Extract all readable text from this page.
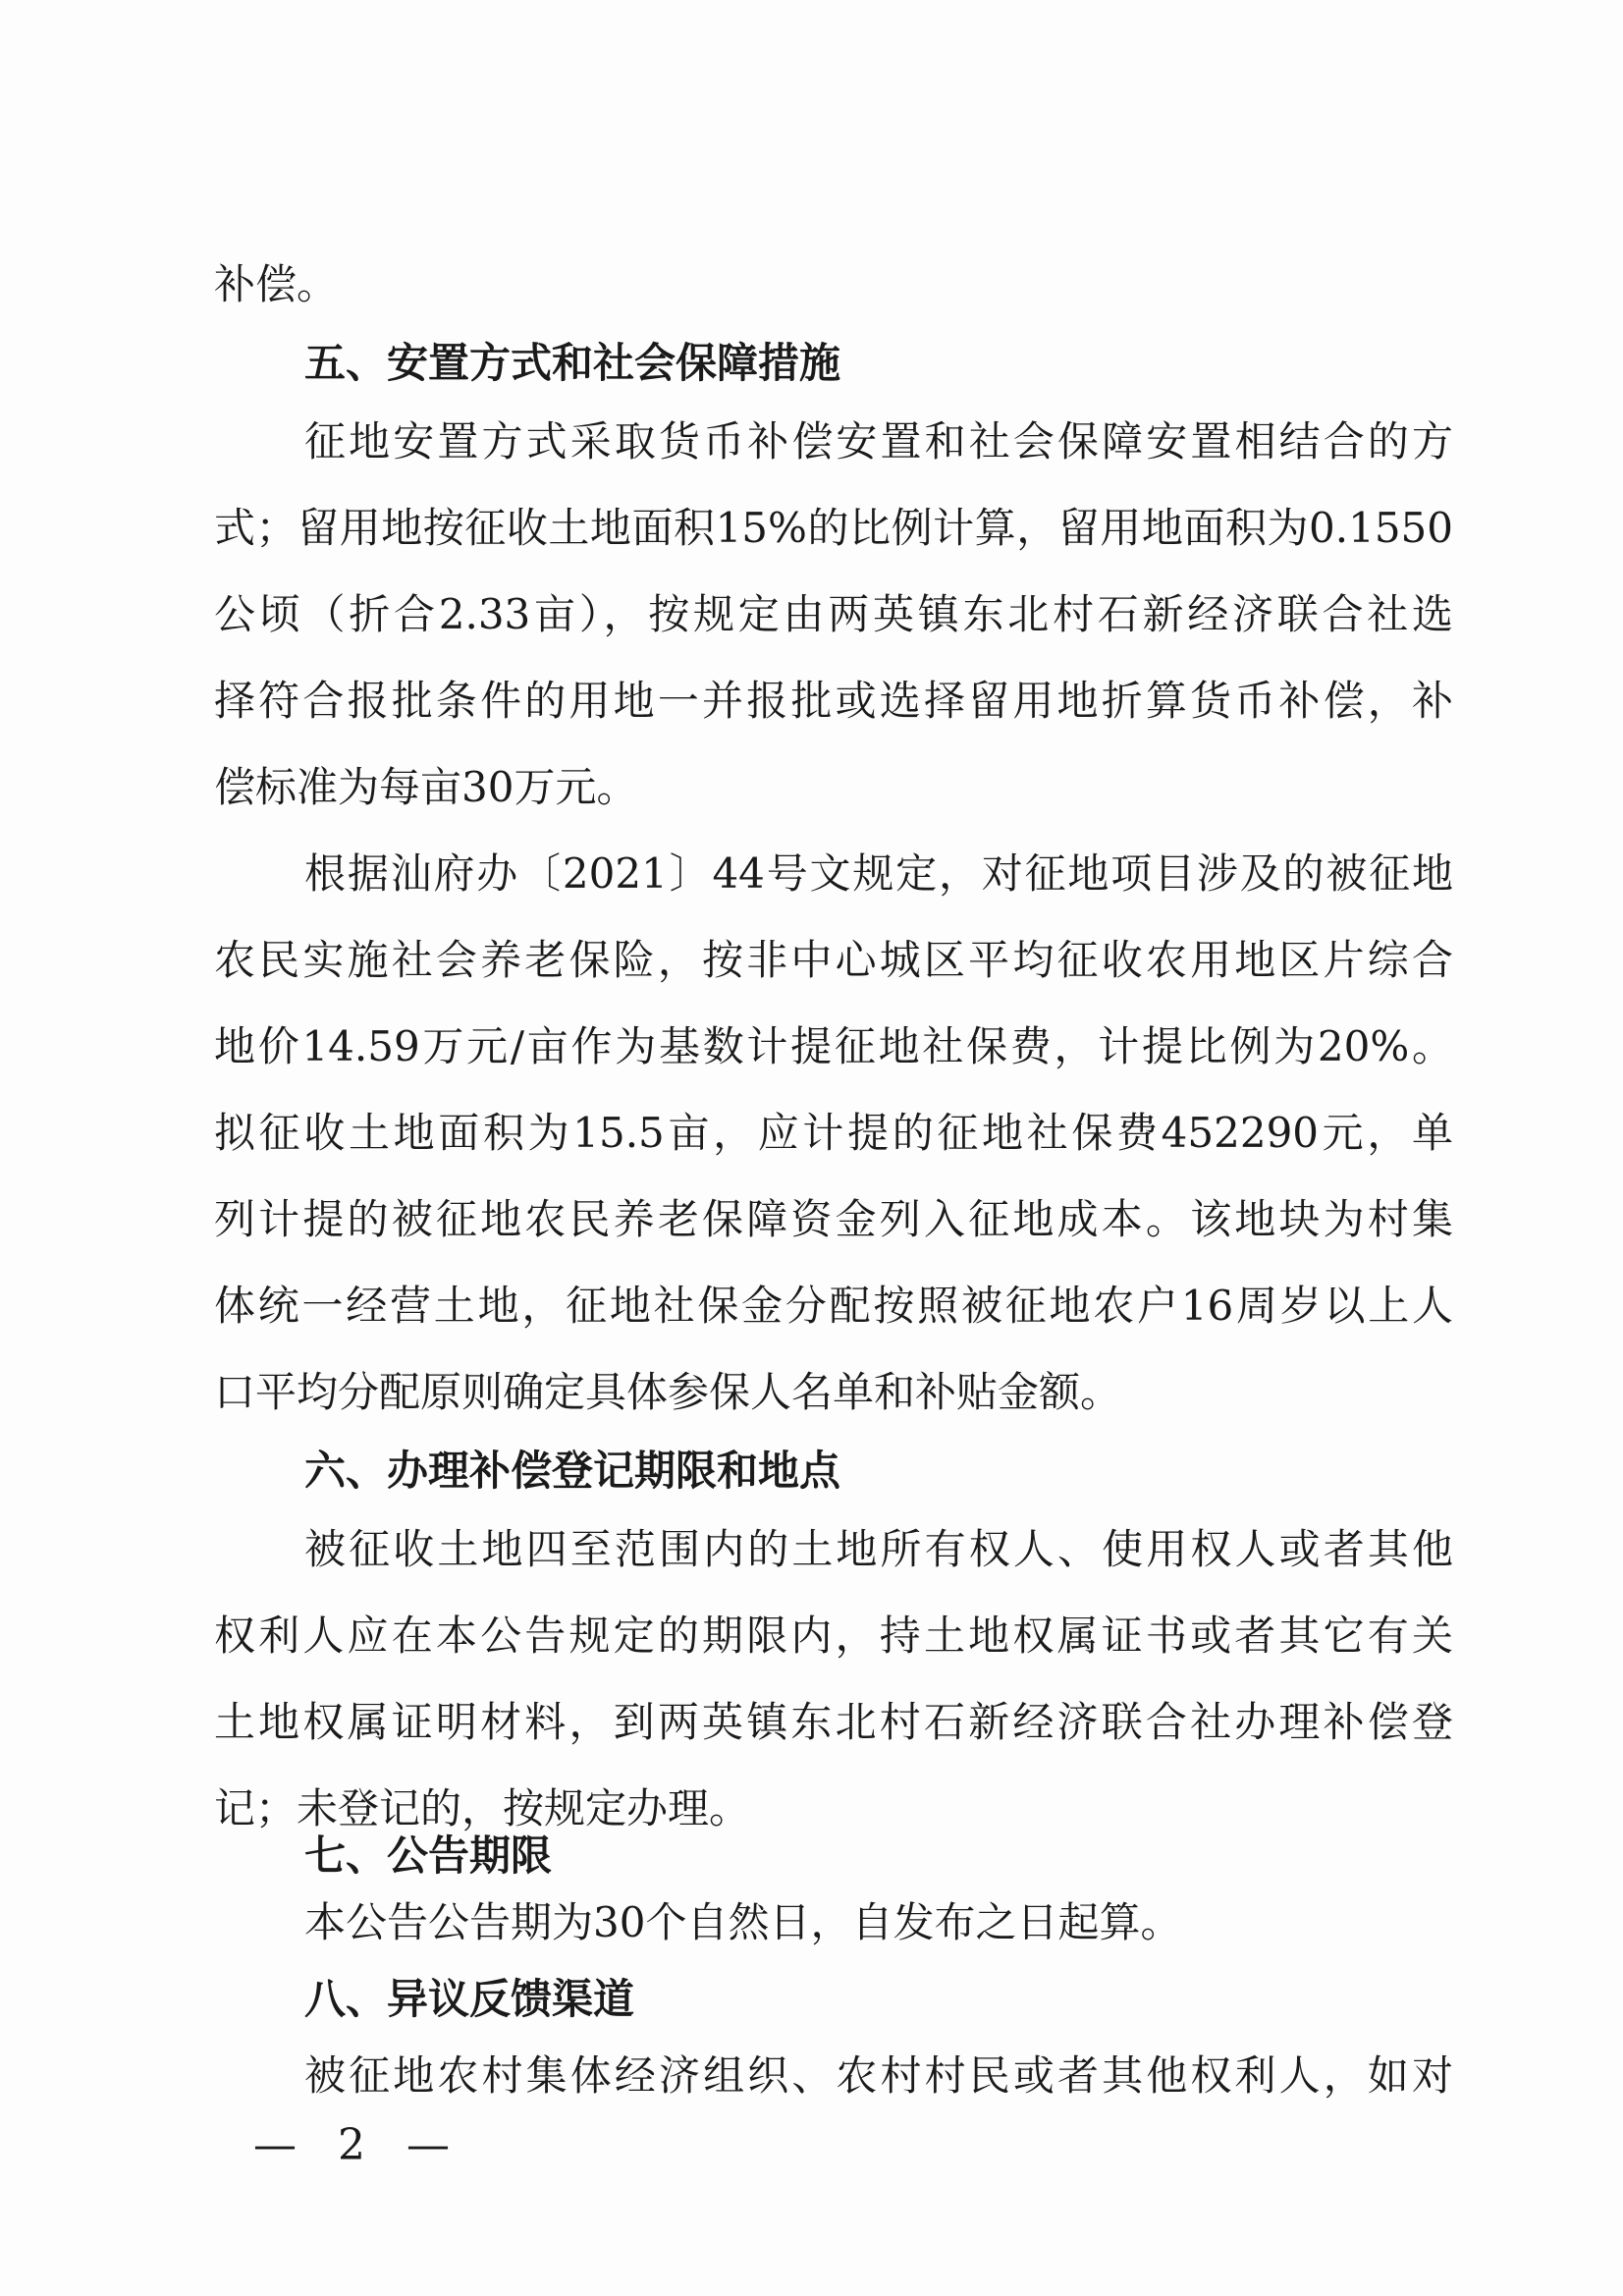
补偿。

五、安置方式和社会保障措施

征地安置方式采取货币补偿安置和社会保障安置相结合的方

式；留用地按征收土地面积15%的比例计算，留用地面积为0.1550

公顷（折合2.33亩），按规定由两英镇东北村石新经济联合社选

择符合报批条件的用地一并报批或选择留用地折算货币补偿，补

偿标准为每亩30万元。

根据汕府办〔2021〕44号文规定，对征地项目涉及的被征地

农民实施社会养老保险，按非中心城区平均征收农用地区片综合

地价14.59万元/亩作为基数计提征地社保费，计提比例为20%。

拟征收土地面积为15.5亩，应计提的征地社保费452290元，单

列计提的被征地农民养老保障资金列入征地成本。该地块为村集

体统一经营土地，征地社保金分配按照被征地农户16周岁以上人

口平均分配原则确定具体参保人名单和补贴金额。

六、办理补偿登记期限和地点

被征收土地四至范围内的土地所有权人、使用权人或者其他

权利人应在本公告规定的期限内，持土地权属证书或者其它有关

土地权属证明材料，到两英镇东北村石新经济联合社办理补偿登

记；未登记的，按规定办理。

七、公告期限

本公告公告期为30个自然日，自发布之日起算。

八、异议反馈渠道

被征地农村集体经济组织、农村村民或者其他权利人，如对

— 2 —
